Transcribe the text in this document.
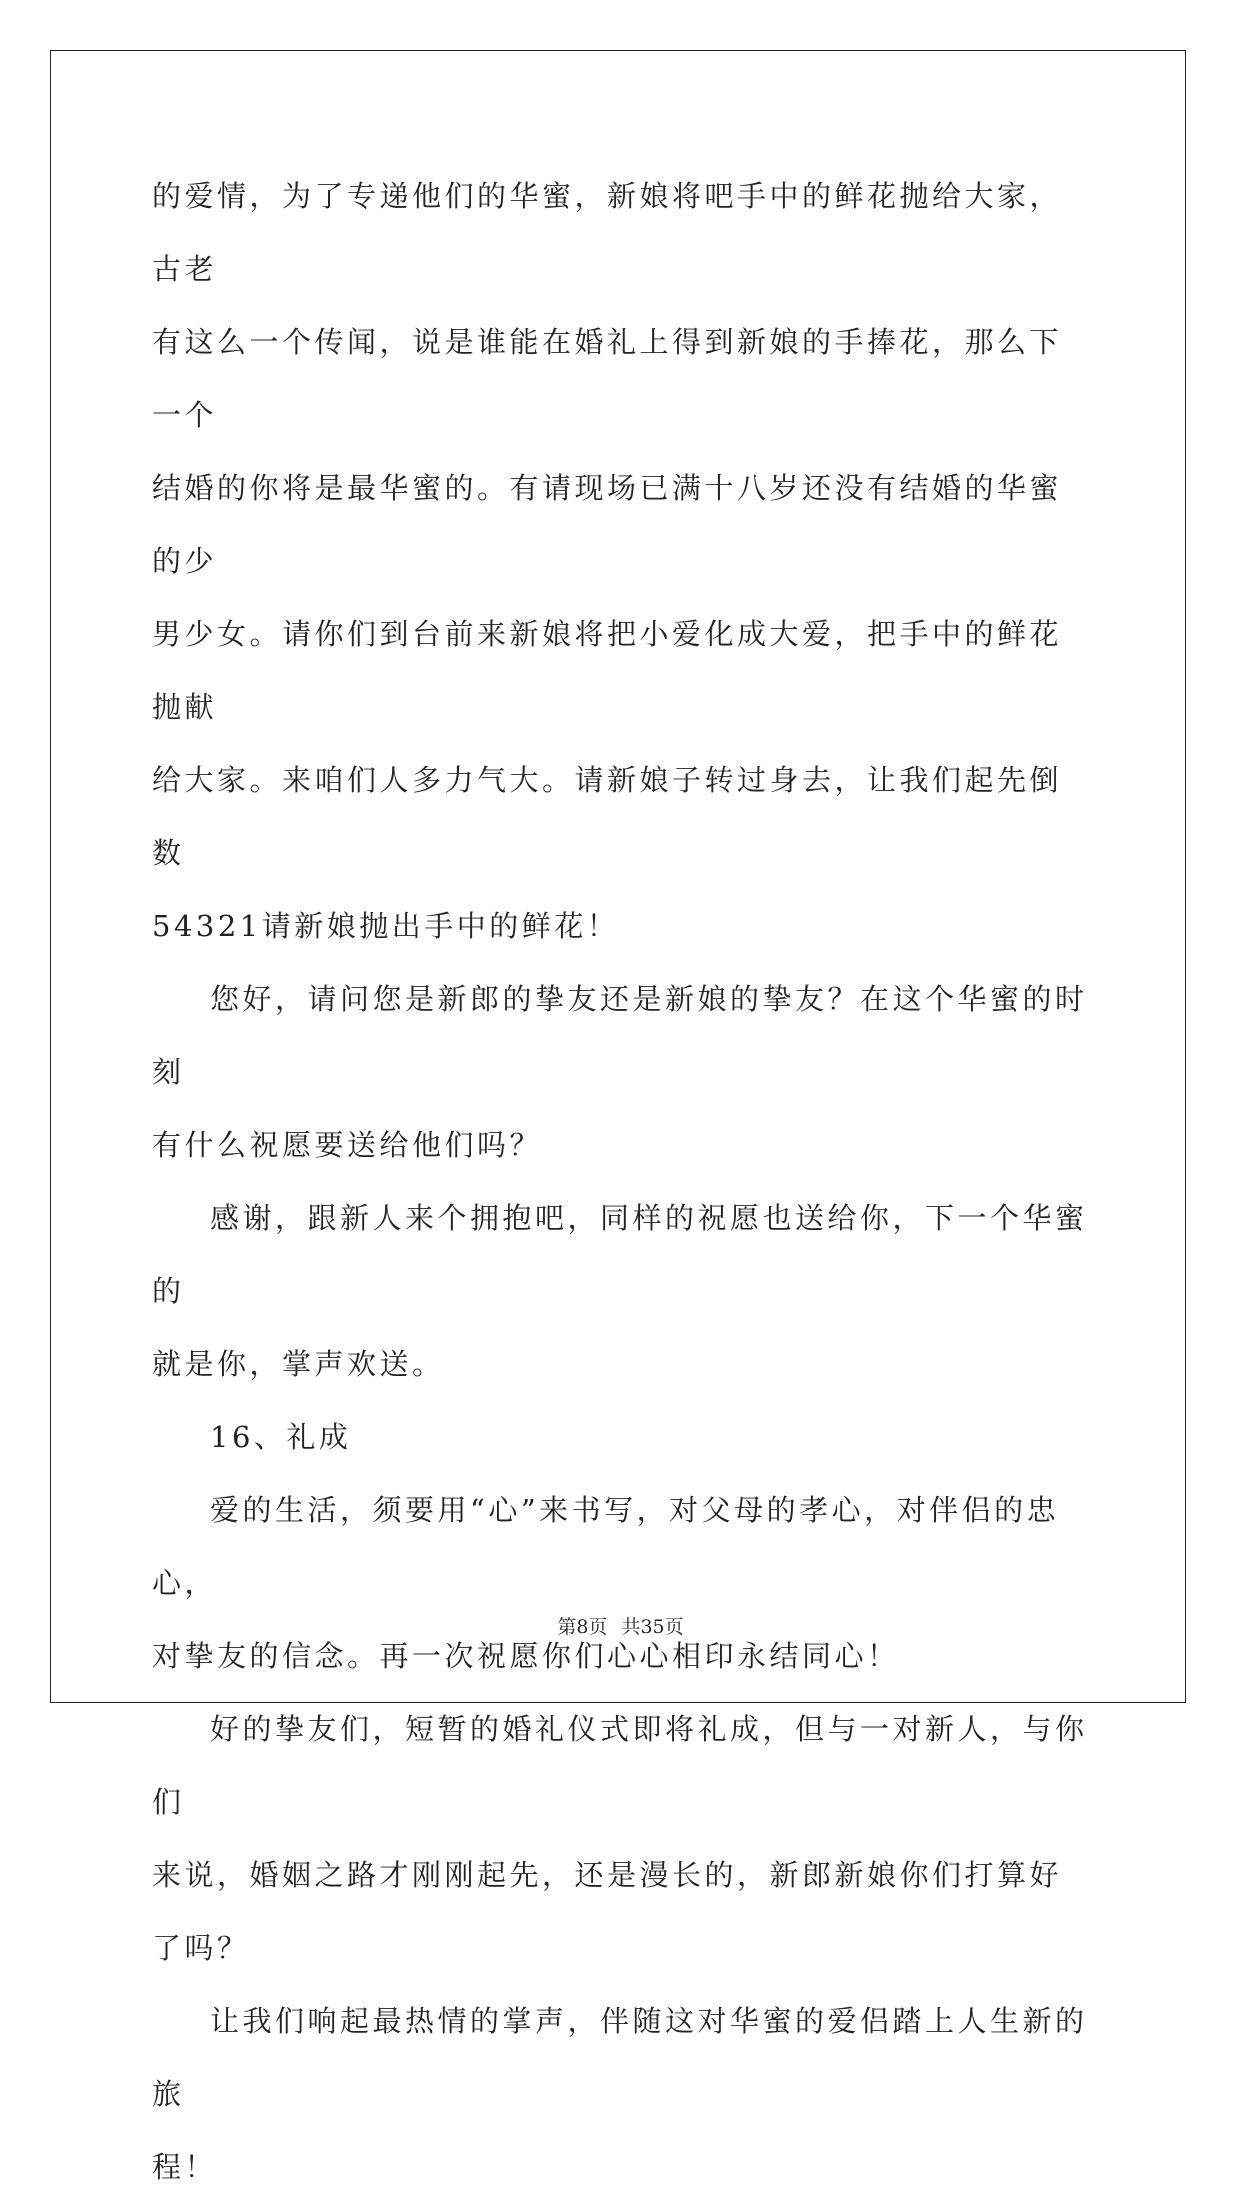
的爱情，为了专递他们的华蜜，新娘将吧手中的鲜花抛给大家，古老
有这么一个传闻，说是谁能在婚礼上得到新娘的手捧花，那么下一个
结婚的你将是最华蜜的。有请现场已满十八岁还没有结婚的华蜜的少
男少女。请你们到台前来新娘将把小爱化成大爱，把手中的鲜花抛献
给大家。来咱们人多力气大。请新娘子转过身去，让我们起先倒数
54321请新娘抛出手中的鲜花！

您好，请问您是新郎的挚友还是新娘的挚友？在这个华蜜的时刻
有什么祝愿要送给他们吗？

感谢，跟新人来个拥抱吧，同样的祝愿也送给你，下一个华蜜的
就是你，掌声欢送。

16、礼成

爱的生活，须要用“心”来书写，对父母的孝心，对伴侣的忠心，
对挚友的信念。再一次祝愿你们心心相印永结同心！

好的挚友们，短暂的婚礼仪式即将礼成，但与一对新人，与你们
来说，婚姻之路才刚刚起先，还是漫长的，新郎新娘你们打算好了吗？

让我们响起最热情的掌声，伴随这对华蜜的爱侣踏上人生新的旅
程！

第8页 共35页
